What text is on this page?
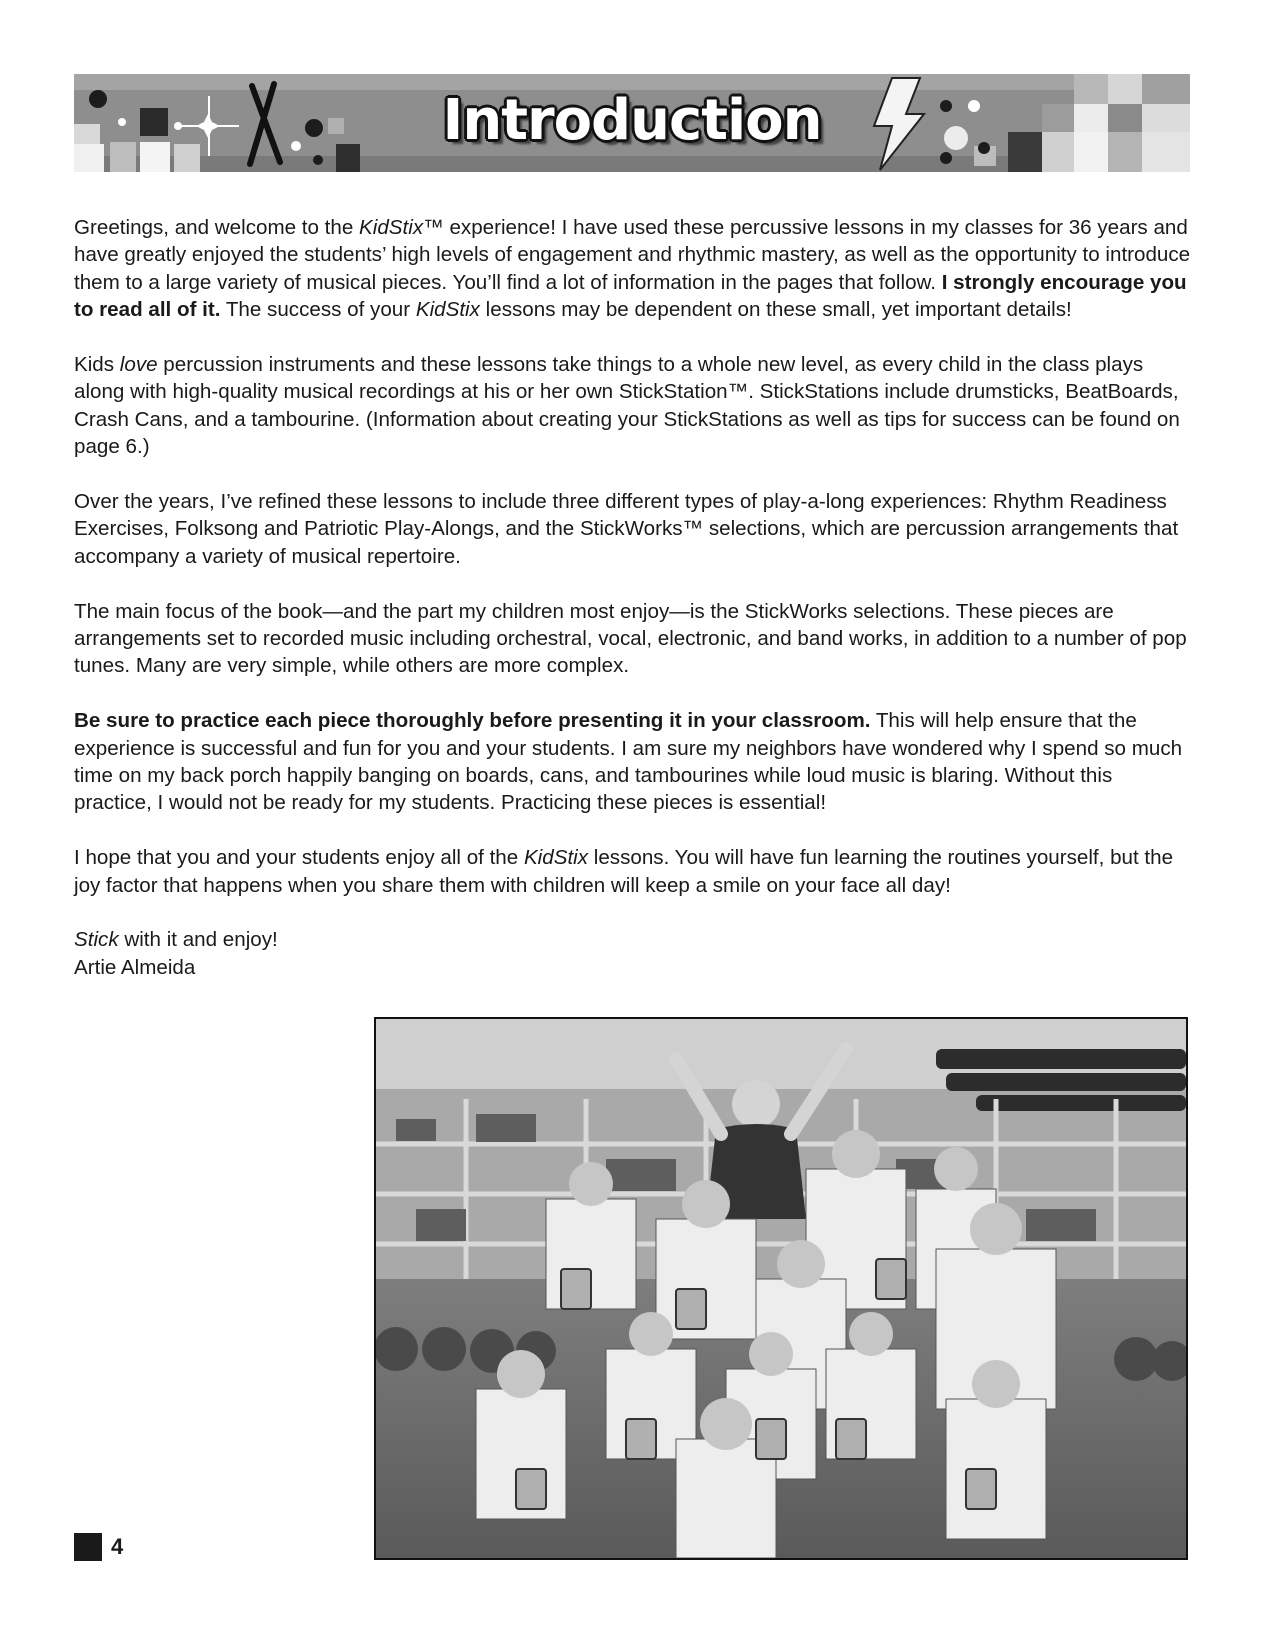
Introduction

Greetings, and welcome to the KidStix™ experience! I have used these percussive lessons in my classes for 36 years and have greatly enjoyed the students’ high levels of engagement and rhythmic mastery, as well as the opportunity to introduce them to a large variety of musical pieces. You’ll find a lot of information in the pages that follow. I strongly encourage you to read all of it. The success of your KidStix lessons may be dependent on these small, yet important details!

Kids love percussion instruments and these lessons take things to a whole new level, as every child in the class plays along with high-quality musical recordings at his or her own StickStation™. StickStations include drumsticks, BeatBoards, Crash Cans, and a tambourine. (Information about creating your StickStations as well as tips for success can be found on page 6.)

Over the years, I’ve refined these lessons to include three different types of play-a-long experiences: Rhythm Readiness Exercises, Folksong and Patriotic Play-Alongs, and the StickWorks™ selections, which are percussion arrangements that accompany a variety of musical repertoire.

The main focus of the book—and the part my children most enjoy—is the StickWorks selections. These pieces are arrangements set to recorded music including orchestral, vocal, electronic, and band works, in addition to a number of pop tunes. Many are very simple, while others are more complex.

Be sure to practice each piece thoroughly before presenting it in your classroom. This will help ensure that the experience is successful and fun for you and your students. I am sure my neighbors have wondered why I spend so much time on my back porch happily banging on boards, cans, and tambourines while loud music is blaring. Without this practice, I would not be ready for my students. Practicing these pieces is essential!

I hope that you and your students enjoy all of the KidStix lessons. You will have fun learning the routines yourself, but the joy factor that happens when you share them with children will keep a smile on your face all day!

Stick with it and enjoy!

Artie Almeida

4
